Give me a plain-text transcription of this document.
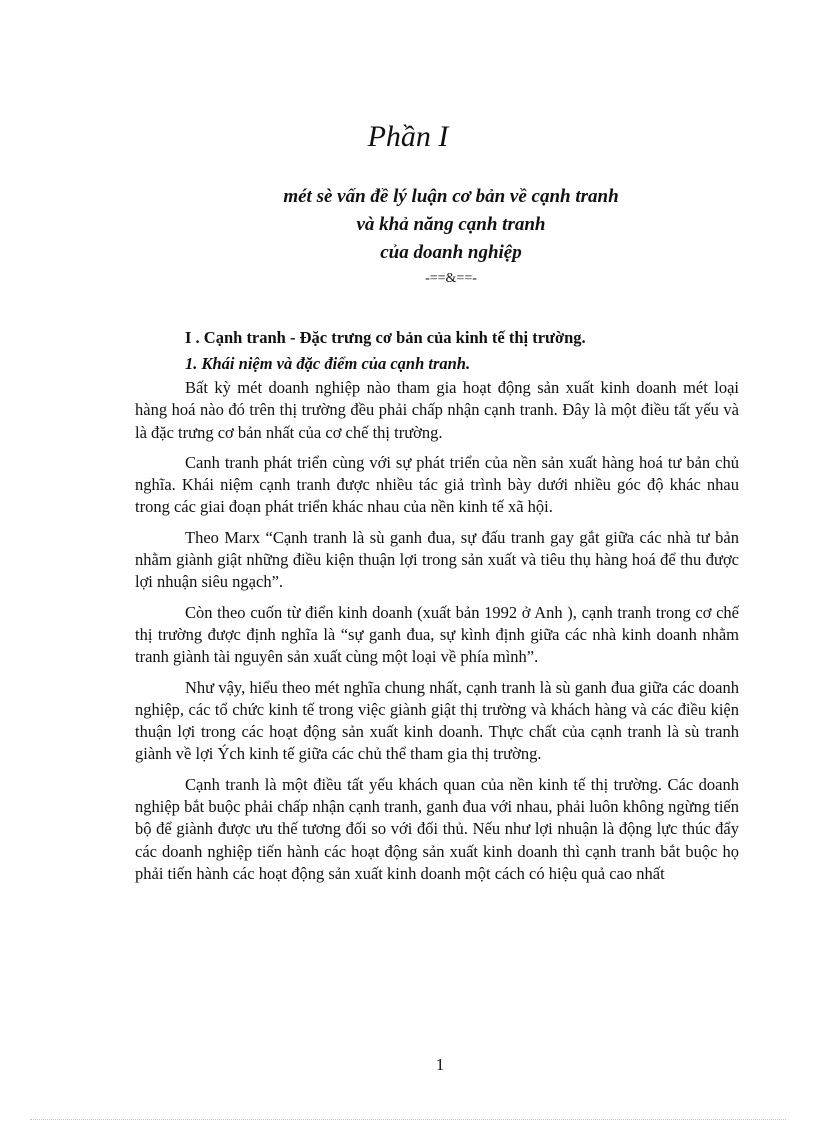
Phần I
mét sè vấn đề lý luận cơ bản về cạnh tranh
và khả năng cạnh tranh
của doanh nghiệp
-==&==-
I . Cạnh tranh - Đặc trưng cơ bản của kinh tế thị trường.
1. Khái niệm và đặc điểm của cạnh tranh.

Bất kỳ mét doanh nghiệp nào tham gia hoạt động sản xuất kinh doanh mét loại hàng hoá nào đó trên thị trường đều phải chấp nhận cạnh tranh. Đây là một điều tất yếu và là đặc trưng cơ bản nhất của cơ chế thị trường.

Canh tranh phát triển cùng với sự phát triển của nền sản xuất hàng hoá tư bản chủ nghĩa. Khái niệm cạnh tranh được nhiều tác giả trình bày dưới nhiều góc độ khác nhau trong các giai đoạn phát triển khác nhau của nền kinh tế xã hội.

Theo Marx “Cạnh tranh là sù ganh đua, sự đấu tranh gay gắt giữa các nhà tư bản nhằm giành giật những điều kiện thuận lợi trong sản xuất và tiêu thụ hàng hoá để thu được lợi nhuận siêu ngạch”.

Còn theo cuốn từ điển kinh doanh (xuất bản 1992 ở Anh ), cạnh tranh trong cơ chế thị trường được định nghĩa là “sự ganh đua, sự kình định giữa các nhà kinh doanh nhằm tranh giành tài nguyên sản xuất cùng một loại về phía mình”.

Như vậy, hiểu theo mét nghĩa chung nhất, cạnh tranh là sù ganh đua giữa các doanh nghiệp, các tổ chức kinh tế trong việc giành giật thị trường và khách hàng và các điều kiện thuận lợi trong các hoạt động sản xuất kinh doanh. Thực chất của cạnh tranh là sù tranh giành về lợi Ých kinh tế giữa các chủ thể tham gia thị trường.

Cạnh tranh là một điều tất yếu khách quan của nền kinh tế thị trường. Các doanh nghiệp bắt buộc phải chấp nhận cạnh tranh, ganh đua với nhau, phải luôn không ngừng tiến bộ để giành được ưu thế tương đối so với đối thủ. Nếu như lợi nhuận là động lực thúc đẩy các doanh nghiệp tiến hành các hoạt động sản xuất kinh doanh thì cạnh tranh bắt buộc họ phải tiến hành các hoạt động sản xuất kinh doanh một cách có hiệu quả cao nhất

1
